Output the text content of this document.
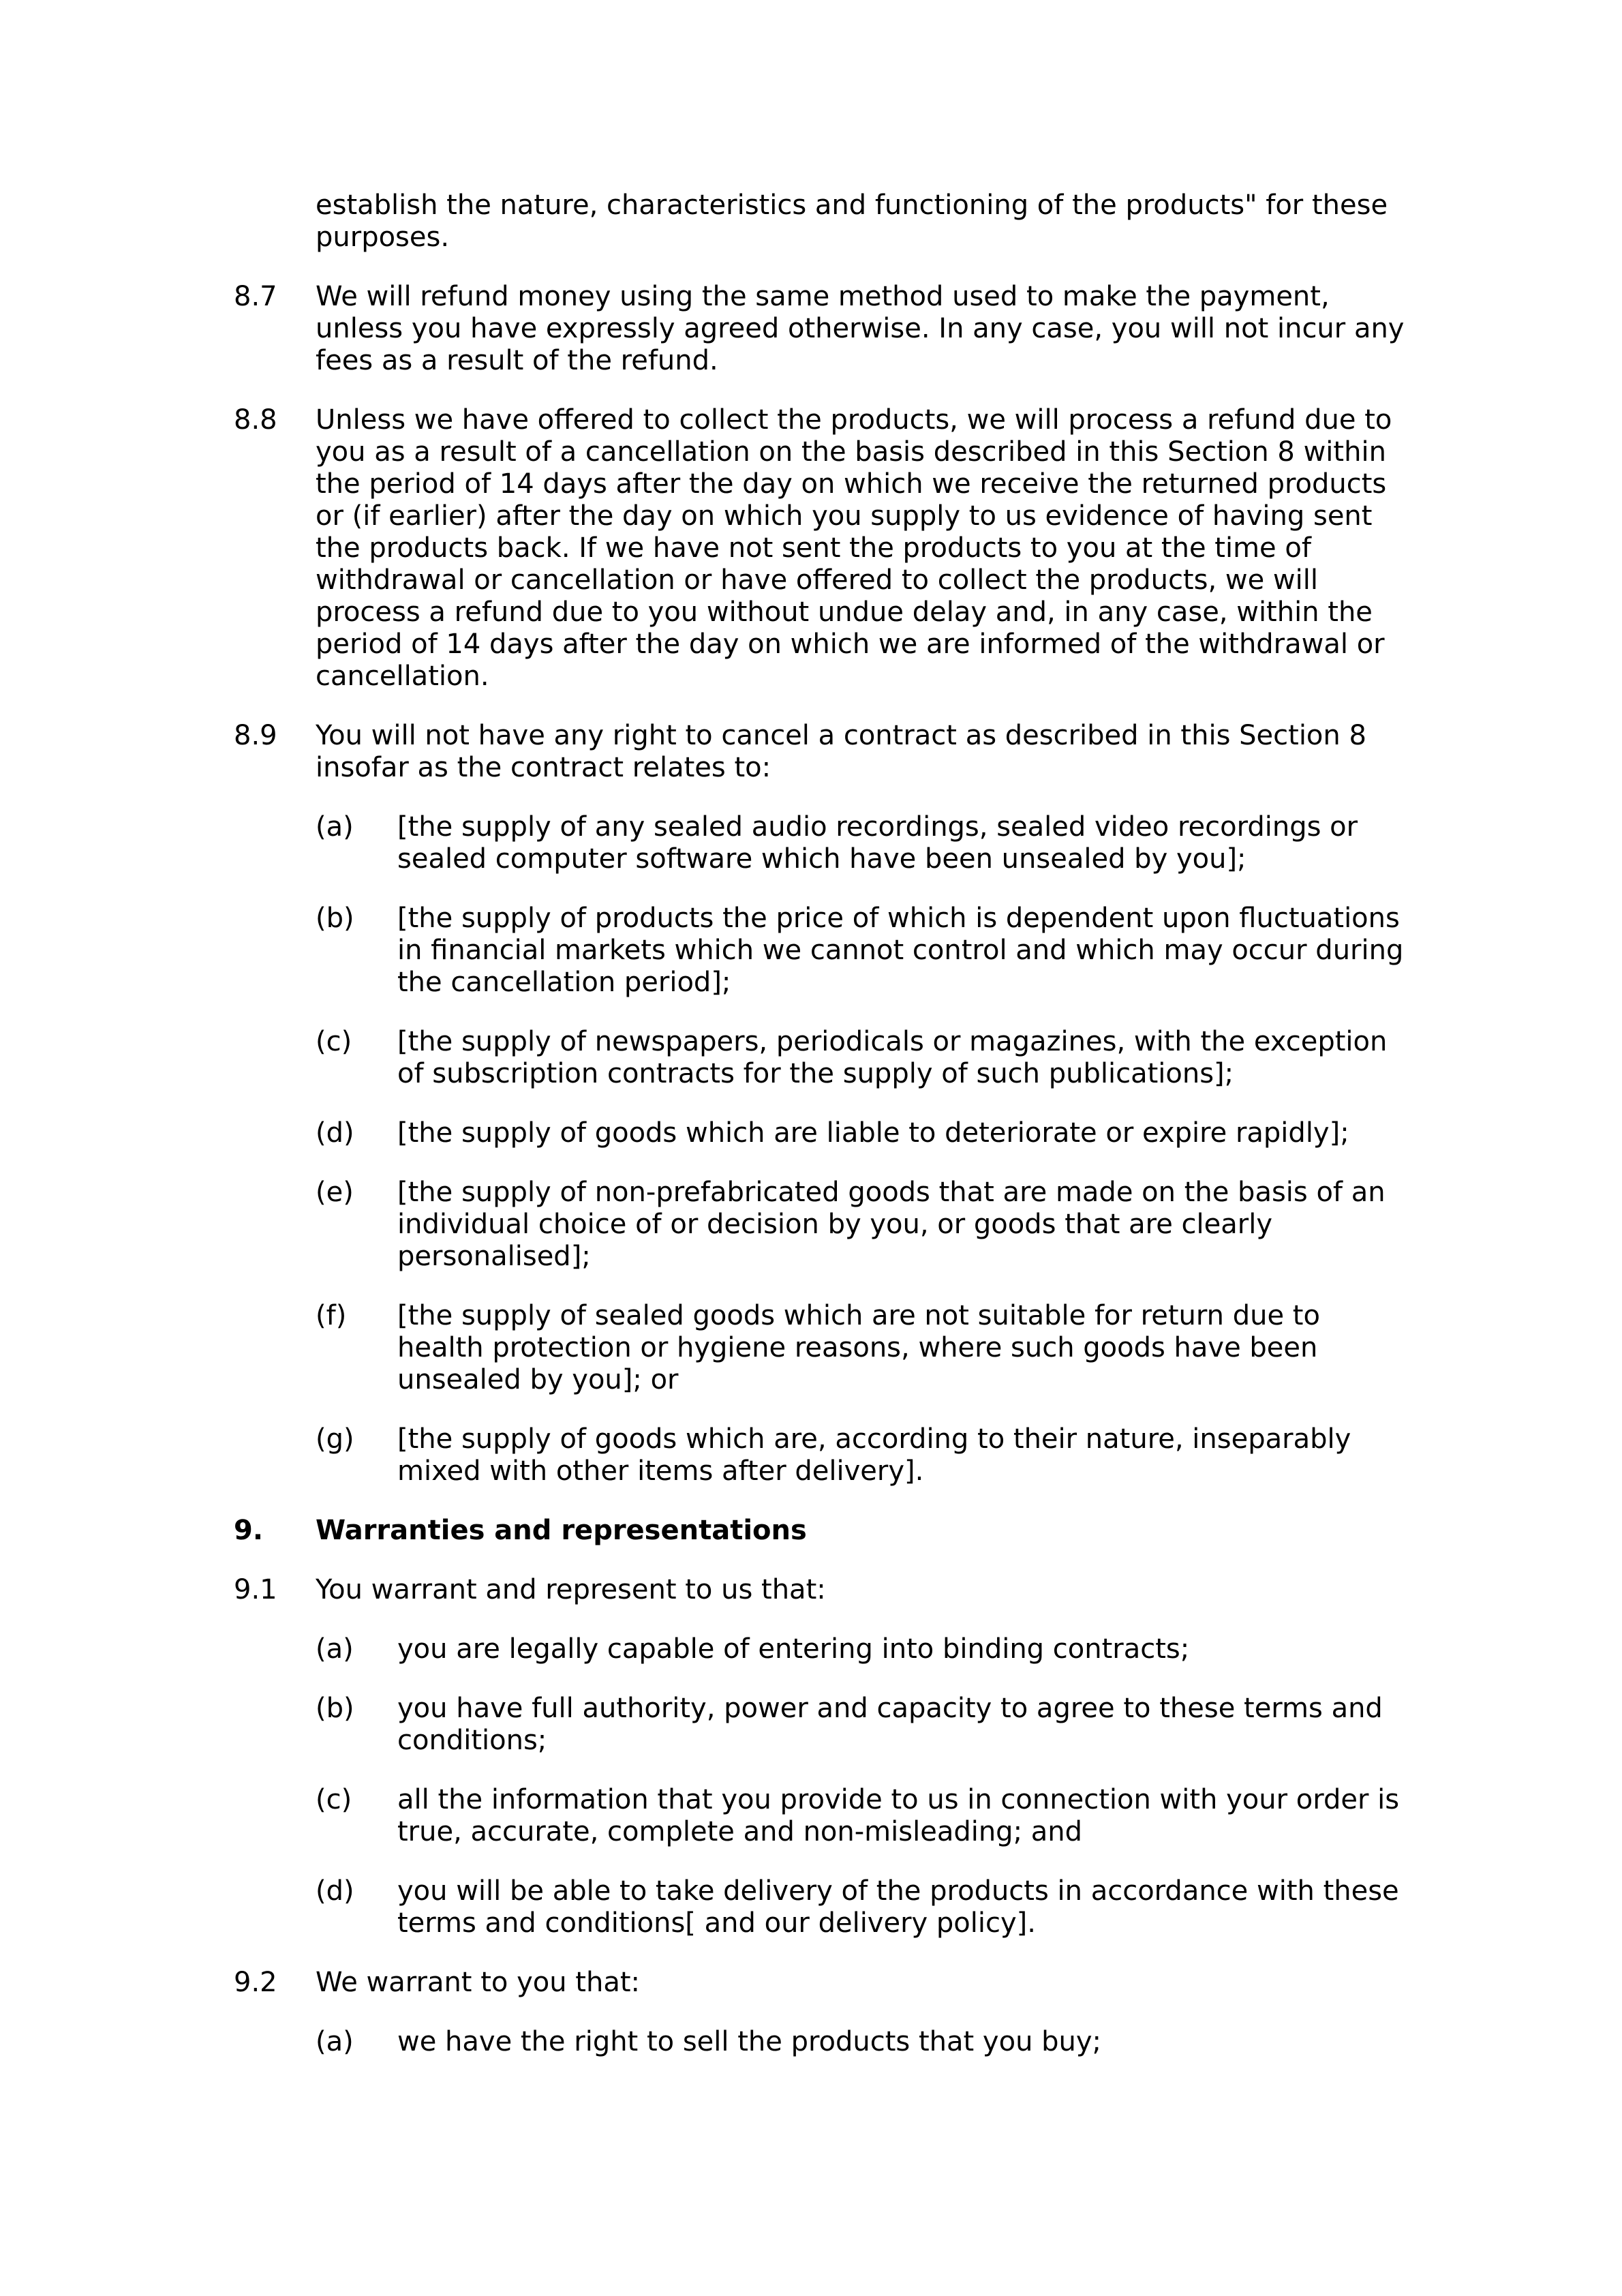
establish the nature, characteristics and functioning of the products" for these purposes.
8.7	We will refund money using the same method used to make the payment, unless you have expressly agreed otherwise. In any case, you will not incur any fees as a result of the refund.
8.8	Unless we have offered to collect the products, we will process a refund due to you as a result of a cancellation on the basis described in this Section 8 within the period of 14 days after the day on which we receive the returned products or (if earlier) after the day on which you supply to us evidence of having sent the products back. If we have not sent the products to you at the time of withdrawal or cancellation or have offered to collect the products, we will process a refund due to you without undue delay and, in any case, within the period of 14 days after the day on which we are informed of the withdrawal or cancellation.
8.9	You will not have any right to cancel a contract as described in this Section 8 insofar as the contract relates to:
(a)	[the supply of any sealed audio recordings, sealed video recordings or sealed computer software which have been unsealed by you];
(b)	[the supply of products the price of which is dependent upon fluctuations in financial markets which we cannot control and which may occur during the cancellation period];
(c)	[the supply of newspapers, periodicals or magazines, with the exception of subscription contracts for the supply of such publications];
(d)	[the supply of goods which are liable to deteriorate or expire rapidly];
(e)	[the supply of non-prefabricated goods that are made on the basis of an individual choice of or decision by you, or goods that are clearly personalised];
(f)	[the supply of sealed goods which are not suitable for return due to health protection or hygiene reasons, where such goods have been unsealed by you]; or
(g)	[the supply of goods which are, according to their nature, inseparably mixed with other items after delivery].
9.	Warranties and representations
9.1	You warrant and represent to us that:
(a)	you are legally capable of entering into binding contracts;
(b)	you have full authority, power and capacity to agree to these terms and conditions;
(c)	all the information that you provide to us in connection with your order is true, accurate, complete and non-misleading; and
(d)	you will be able to take delivery of the products in accordance with these terms and conditions[ and our delivery policy].
9.2	We warrant to you that:
(a)	we have the right to sell the products that you buy;
